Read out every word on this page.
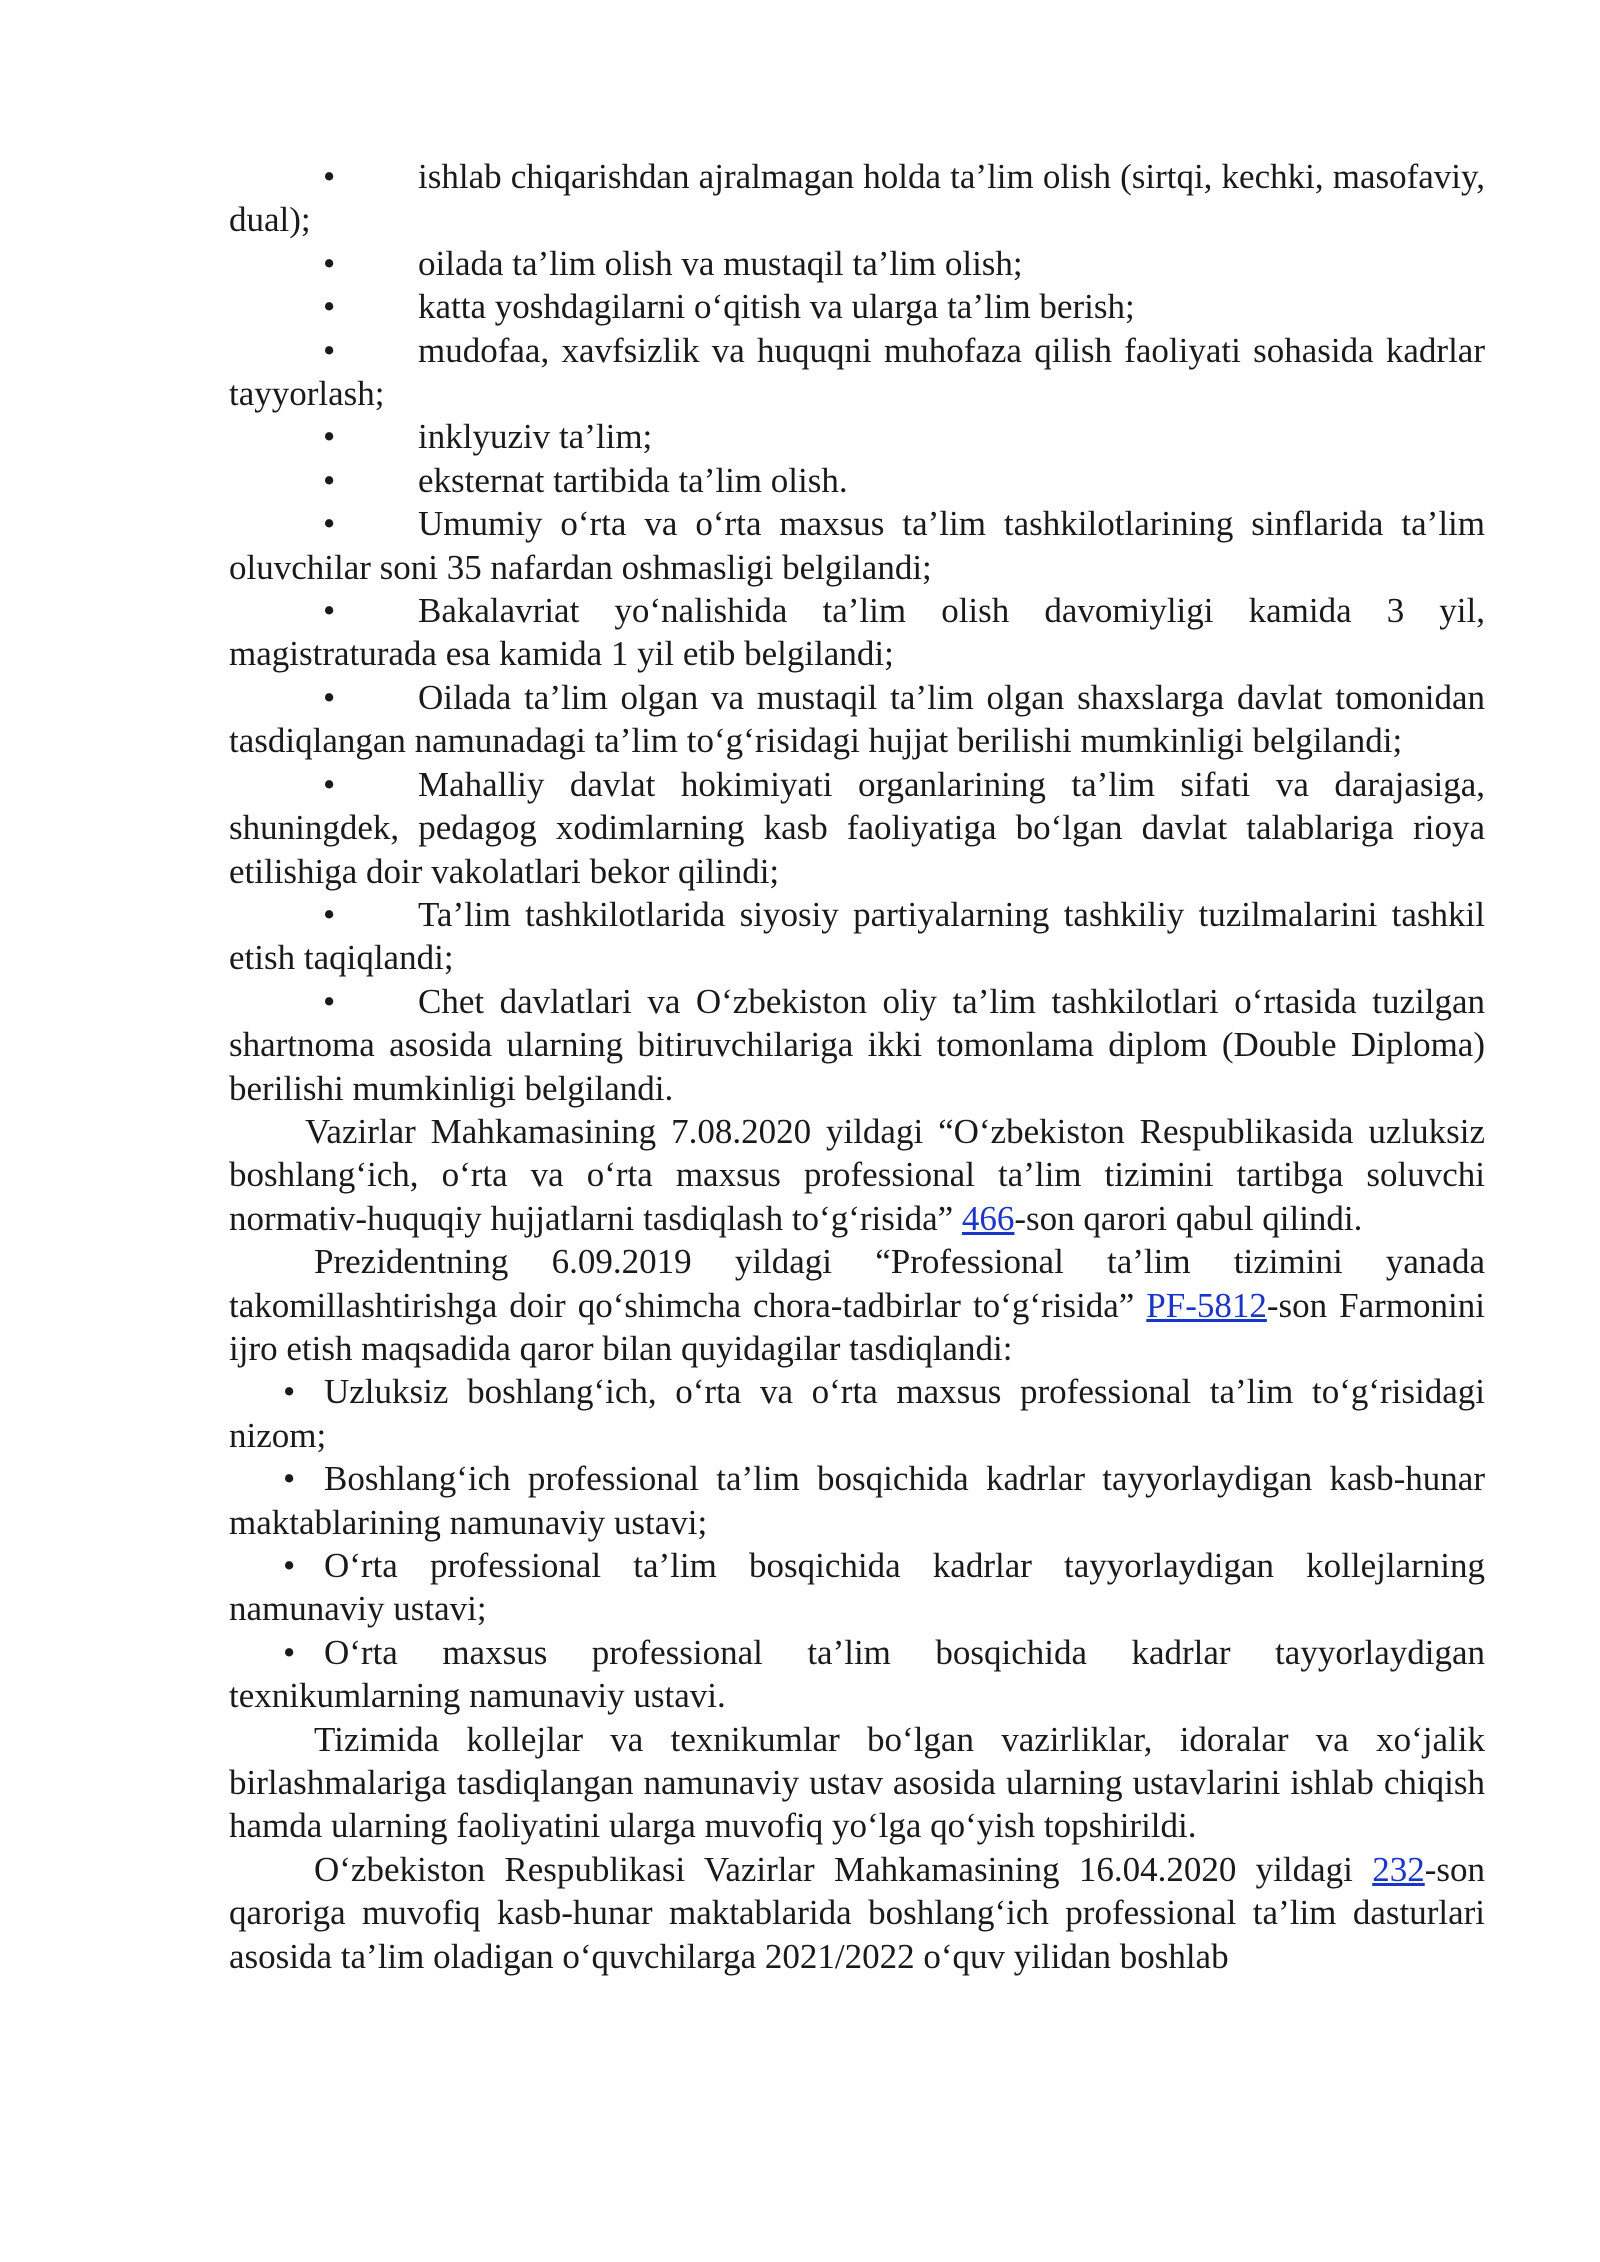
• ishlab chiqarishdan ajralmagan holda ta’lim olish (sirtqi, kechki, masofaviy, dual);

• oilada ta’lim olish va mustaqil ta’lim olish;

• katta yoshdagilarni o‘qitish va ularga ta’lim berish;

• mudofaa, xavfsizlik va huquqni muhofaza qilish faoliyati sohasida kadrlar tayyorlash;

• inklyuziv ta’lim;

• eksternat tartibida ta’lim olish.

• Umumiy o‘rta va o‘rta maxsus ta’lim tashkilotlarining sinflarida ta’lim oluvchilar soni 35 nafardan oshmasligi belgilandi;

• Bakalavriat yo‘nalishida ta’lim olish davomiyligi kamida 3 yil, magistraturada esa kamida 1 yil etib belgilandi;

• Oilada ta’lim olgan va mustaqil ta’lim olgan shaxslarga davlat tomonidan tasdiqlangan namunadagi ta’lim to‘g‘risidagi hujjat berilishi mumkinligi belgilandi;

• Mahalliy davlat hokimiyati organlarining ta’lim sifati va darajasiga, shuningdek, pedagog xodimlarning kasb faoliyatiga bo‘lgan davlat talablariga rioya etilishiga doir vakolatlari bekor qilindi;

• Ta’lim tashkilotlarida siyosiy partiyalarning tashkiliy tuzilmalarini tashkil etish taqiqlandi;

• Chet davlatlari va O‘zbekiston oliy ta’lim tashkilotlari o‘rtasida tuzilgan shartnoma asosida ularning bitiruvchilariga ikki tomonlama diplom (Double Diploma) berilishi mumkinligi belgilandi.

Vazirlar Mahkamasining 7.08.2020 yildagi “O‘zbekiston Respublikasida uzluksiz boshlang‘ich, o‘rta va o‘rta maxsus professional ta’lim tizimini tartibga soluvchi normativ-huquqiy hujjatlarni tasdiqlash to‘g‘risida” 466-son qarori qabul qilindi.

Prezidentning 6.09.2019 yildagi “Professional ta’lim tizimini yanada takomillashtirishga doir qo‘shimcha chora-tadbirlar to‘g‘risida” PF-5812-son Farmonini ijro etish maqsadida qaror bilan quyidagilar tasdiqlandi:

• Uzluksiz boshlang‘ich, o‘rta va o‘rta maxsus professional ta’lim to‘g‘risidagi nizom;

• Boshlang‘ich professional ta’lim bosqichida kadrlar tayyorlaydigan kasb-hunar maktablarining namunaviy ustavi;

• O‘rta professional ta’lim bosqichida kadrlar tayyorlaydigan kollejlarning namunaviy ustavi;

• O‘rta maxsus professional ta’lim bosqichida kadrlar tayyorlaydigan texnikumlarning namunaviy ustavi.

Tizimida kollejlar va texnikumlar bo‘lgan vazirliklar, idoralar va xo‘jalik birlashmalariga tasdiqlangan namunaviy ustav asosida ularning ustavlarini ishlab chiqish hamda ularning faoliyatini ularga muvofiq yo‘lga qo‘yish topshirildi.

O‘zbekiston Respublikasi Vazirlar Mahkamasining 16.04.2020 yildagi 232-son qaroriga muvofiq kasb-hunar maktablarida boshlang‘ich professional ta’lim dasturlari asosida ta’lim oladigan o‘quvchilarga 2021/2022 o‘quv yilidan boshlab
